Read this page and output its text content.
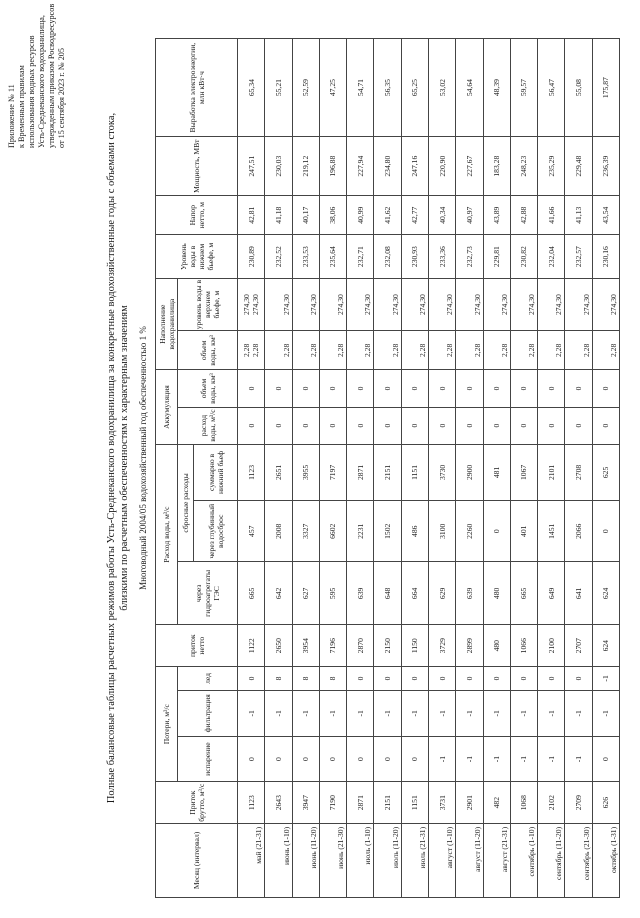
Приложение № 11 к Временным правилам использования водных ресурсов Усть-Среднеканского водохранилища, утвержденным приказом Росводресурсов от 15 сентября 2023 г. № 205
Полные балансовые таблицы расчетных режимов работы Усть-Среднеканского водохранилища за конкретные водохозяйственные годы с объемами стока, близкими по расчетным обеспеченностям к характерным значениям Многоводный 2004/05 водохозяйственный год обеспеченностью 1 %
Месяц (интервал)	Приток брутто, м³/с	Потери, м³/с			приток нетто	Расход воды, м³/с			Аккумуляция		Наполнение водохранилища		Уровень воды в нижнем бьефе, м	Напор нетто, м	Мощность, МВт	Выработка электроэнергии, млн кВт·ч
		испарение	фильтрация	лед		через гидроагрегаты ГЭС	сбросные расходы		расход воды, м³/с	объем воды, км³	объем воды, км³	уровень воды в верхнем бьефе, м				
							через глубинный водосброс	суммарно в нижний бьеф								
май (21-31)	1123	0	-1	0	1122	665	457	1123	0	0	2,28 2,28	274,30 274,30	230,89	42,81	247,51	65,34
июнь (1-10)	2643	0	-1	8	2650	642	2008	2651	0	0	2,28	274,30	232,52	41,18	230,03	55,21
июнь (11-20)	3947	0	-1	8	3954	627	3327	3955	0	0	2,28	274,30	233,53	40,17	219,12	52,59
июнь (21-30)	7190	0	-1	8	7196	595	6602	7197	0	0	2,28	274,30	235,64	38,06	196,88	47,25
июль (1-10)	2871	0	-1	0	2870	639	2231	2871	0	0	2,28	274,30	232,71	40,99	227,94	54,71
июль (11-20)	2151	0	-1	0	2150	648	1502	2151	0	0	2,28	274,30	232,08	41,62	234,80	56,35
июль (21-31)	1151	0	-1	0	1150	664	486	1151	0	0	2,28	274,30	230,93	42,77	247,16	65,25
август (1-10)	3731	-1	-1	0	3729	629	3100	3730	0	0	2,28	274,30	233,36	40,34	220,90	53,02
август (11-20)	2901	-1	-1	0	2899	639	2260	2900	0	0	2,28	274,30	232,73	40,97	227,67	54,64
август (21-31)	482	-1	-1	0	480	480	0	481	0	0	2,28	274,30	229,81	43,89	183,28	48,39
сентябрь (1-10)	1068	-1	-1	0	1066	665	401	1067	0	0	2,28	274,30	230,82	42,88	248,23	59,57
сентябрь (11-20)	2102	-1	-1	0	2100	649	1451	2101	0	0	2,28	274,30	232,04	41,66	235,29	56,47
сентябрь (21-30)	2709	-1	-1	0	2707	641	2066	2708	0	0	2,28	274,30	232,57	41,13	229,48	55,08
октябрь (1-31)	626	0	-1	-1	624	624	0	625	0	0	2,28	274,30	230,16	43,54	236,39	175,87
